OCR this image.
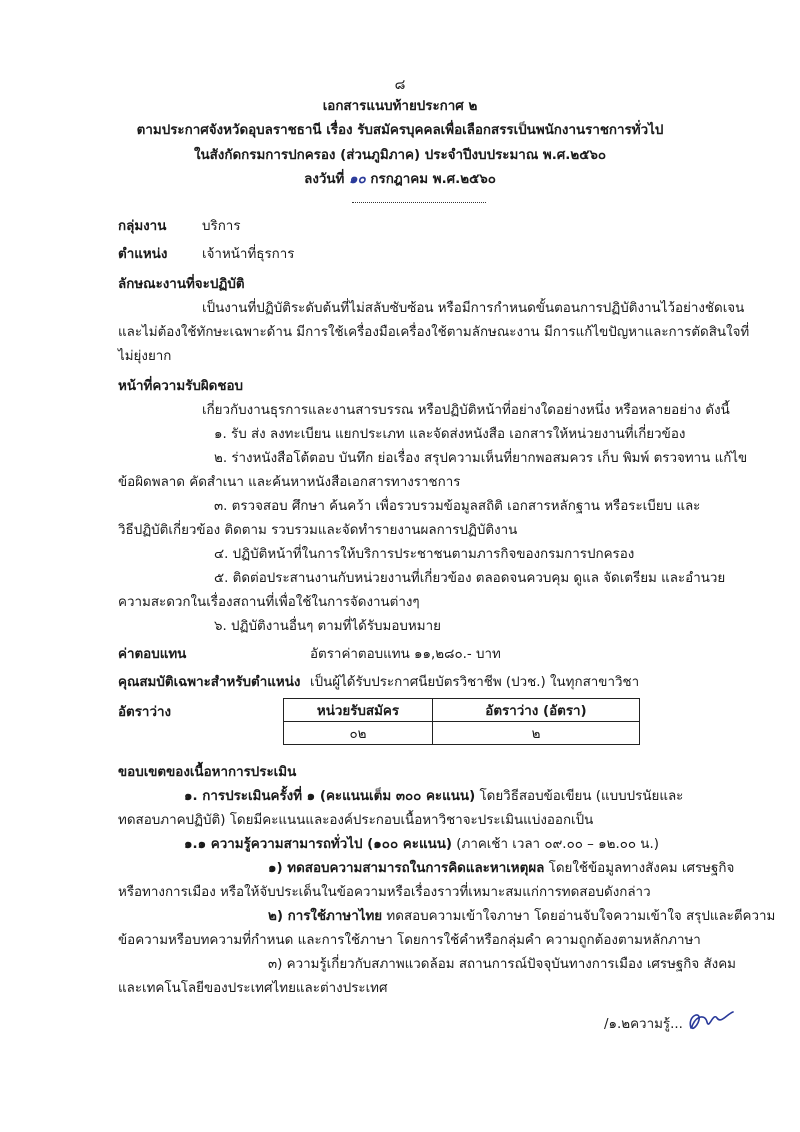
๘
เอกสารแนบท้ายประกาศ ๒
ตามประกาศจังหวัดอุบลราชธานี เรื่อง รับสมัครบุคคลเพื่อเลือกสรรเป็นพนักงานราชการทั่วไป
ในสังกัดกรมการปกครอง (ส่วนภูมิภาค) ประจำปีงบประมาณ พ.ศ.๒๕๖๐
ลงวันที่ ๑๐ กรกฎาคม พ.ศ.๒๕๖๐
กลุ่มงาน	บริการ
ตำแหน่ง	เจ้าหน้าที่ธุรการ
ลักษณะงานที่จะปฏิบัติ
เป็นงานที่ปฏิบัติระดับต้นที่ไม่สลับซับซ้อน หรือมีการกำหนดขั้นตอนการปฏิบัติงานไว้อย่างชัดเจน
และไม่ต้องใช้ทักษะเฉพาะด้าน มีการใช้เครื่องมือเครื่องใช้ตามลักษณะงาน มีการแก้ไขปัญหาและการตัดสินใจที่
ไม่ยุ่งยาก
หน้าที่ความรับผิดชอบ
เกี่ยวกับงานธุรการและงานสารบรรณ หรือปฏิบัติหน้าที่อย่างใดอย่างหนึ่ง หรือหลายอย่าง ดังนี้
๑. รับ ส่ง ลงทะเบียน แยกประเภท และจัดส่งหนังสือ เอกสารให้หน่วยงานที่เกี่ยวข้อง
๒. ร่างหนังสือโต้ตอบ บันทึก ย่อเรื่อง สรุปความเห็นที่ยากพอสมควร เก็บ พิมพ์ ตรวจทาน แก้ไข
ข้อผิดพลาด คัดสำเนา และค้นหาหนังสือเอกสารทางราชการ
๓. ตรวจสอบ ศึกษา ค้นคว้า เพื่อรวบรวมข้อมูลสถิติ เอกสารหลักฐาน หรือระเบียบ และ
วิธีปฏิบัติเกี่ยวข้อง ติดตาม รวบรวมและจัดทำรายงานผลการปฏิบัติงาน
๔. ปฏิบัติหน้าที่ในการให้บริการประชาชนตามภารกิจของกรมการปกครอง
๕. ติดต่อประสานงานกับหน่วยงานที่เกี่ยวข้อง ตลอดจนควบคุม ดูแล จัดเตรียม และอำนวย
ความสะดวกในเรื่องสถานที่เพื่อใช้ในการจัดงานต่างๆ
๖. ปฏิบัติงานอื่นๆ ตามที่ได้รับมอบหมาย
ค่าตอบแทน	อัตราค่าตอบแทน ๑๑,๒๘๐.- บาท
คุณสมบัติเฉพาะสำหรับตำแหน่ง เป็นผู้ได้รับประกาศนียบัตรวิชาชีพ (ปวช.) ในทุกสาขาวิชา
อัตราว่าง	หน่วยรับสมัคร	อัตราว่าง (อัตรา)
๐๒	๒
ขอบเขตของเนื้อหาการประเมิน
๑. การประเมินครั้งที่ ๑ (คะแนนเต็ม ๓๐๐ คะแนน) โดยวิธีสอบข้อเขียน (แบบปรนัยและ
ทดสอบภาคปฏิบัติ) โดยมีคะแนนและองค์ประกอบเนื้อหาวิชาจะประเมินแบ่งออกเป็น
๑.๑ ความรู้ความสามารถทั่วไป (๑๐๐ คะแนน) (ภาคเช้า เวลา ๐๙.๐๐ – ๑๒.๐๐ น.)
๑) ทดสอบความสามารถในการคิดและหาเหตุผล โดยใช้ข้อมูลทางสังคม เศรษฐกิจ
หรือทางการเมือง หรือให้จับประเด็นในข้อความหรือเรื่องราวที่เหมาะสมแก่การทดสอบดังกล่าว
๒) การใช้ภาษาไทย ทดสอบความเข้าใจภาษา โดยอ่านจับใจความเข้าใจ สรุปและตีความ
ข้อความหรือบทความที่กำหนด และการใช้ภาษา โดยการใช้คำหรือกลุ่มคำ ความถูกต้องตามหลักภาษา
๓) ความรู้เกี่ยวกับสภาพแวดล้อม สถานการณ์ปัจจุบันทางการเมือง เศรษฐกิจ สังคม
และเทคโนโลยีของประเทศไทยและต่างประเทศ
/๑.๒ความรู้...
